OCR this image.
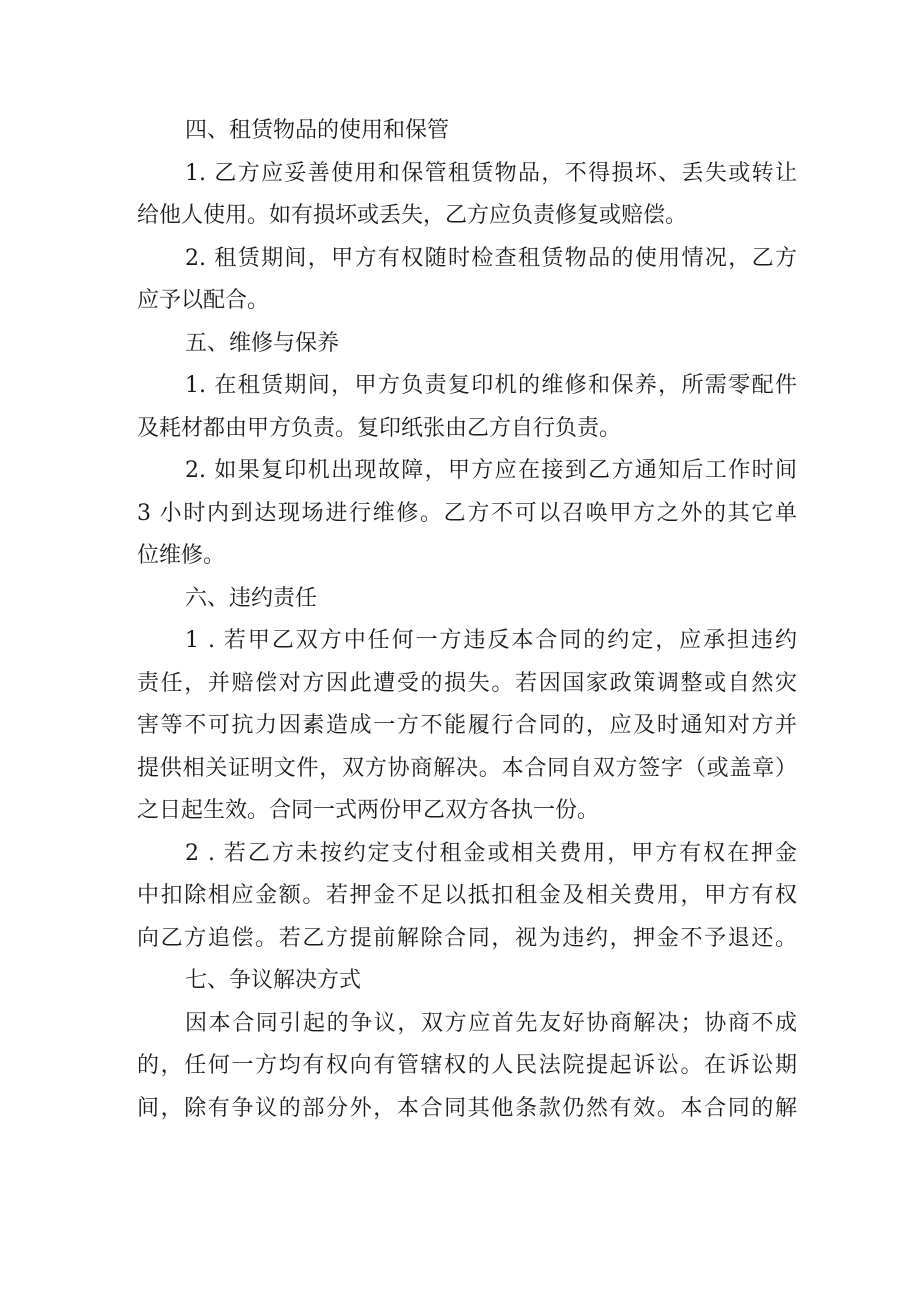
四、租赁物品的使用和保管
1. 乙方应妥善使用和保管租赁物品，不得损坏、丢失或转让
给他人使用。如有损坏或丢失，乙方应负责修复或赔偿。
2. 租赁期间，甲方有权随时检查租赁物品的使用情况，乙方
应予以配合。
五、维修与保养
1. 在租赁期间，甲方负责复印机的维修和保养，所需零配件
及耗材都由甲方负责。复印纸张由乙方自行负责。
2. 如果复印机出现故障，甲方应在接到乙方通知后工作时间
3 小时内到达现场进行维修。乙方不可以召唤甲方之外的其它单
位维修。
六、违约责任
1 . 若甲乙双方中任何一方违反本合同的约定，应承担违约
责任，并赔偿对方因此遭受的损失。若因国家政策调整或自然灾
害等不可抗力因素造成一方不能履行合同的，应及时通知对方并
提供相关证明文件，双方协商解决。本合同自双方签字（或盖章）
之日起生效。合同一式两份甲乙双方各执一份。
2 . 若乙方未按约定支付租金或相关费用，甲方有权在押金
中扣除相应金额。若押金不足以抵扣租金及相关费用，甲方有权
向乙方追偿。若乙方提前解除合同，视为违约，押金不予退还。
七、争议解决方式
因本合同引起的争议，双方应首先友好协商解决；协商不成
的，任何一方均有权向有管辖权的人民法院提起诉讼。在诉讼期
间，除有争议的部分外，本合同其他条款仍然有效。本合同的解
